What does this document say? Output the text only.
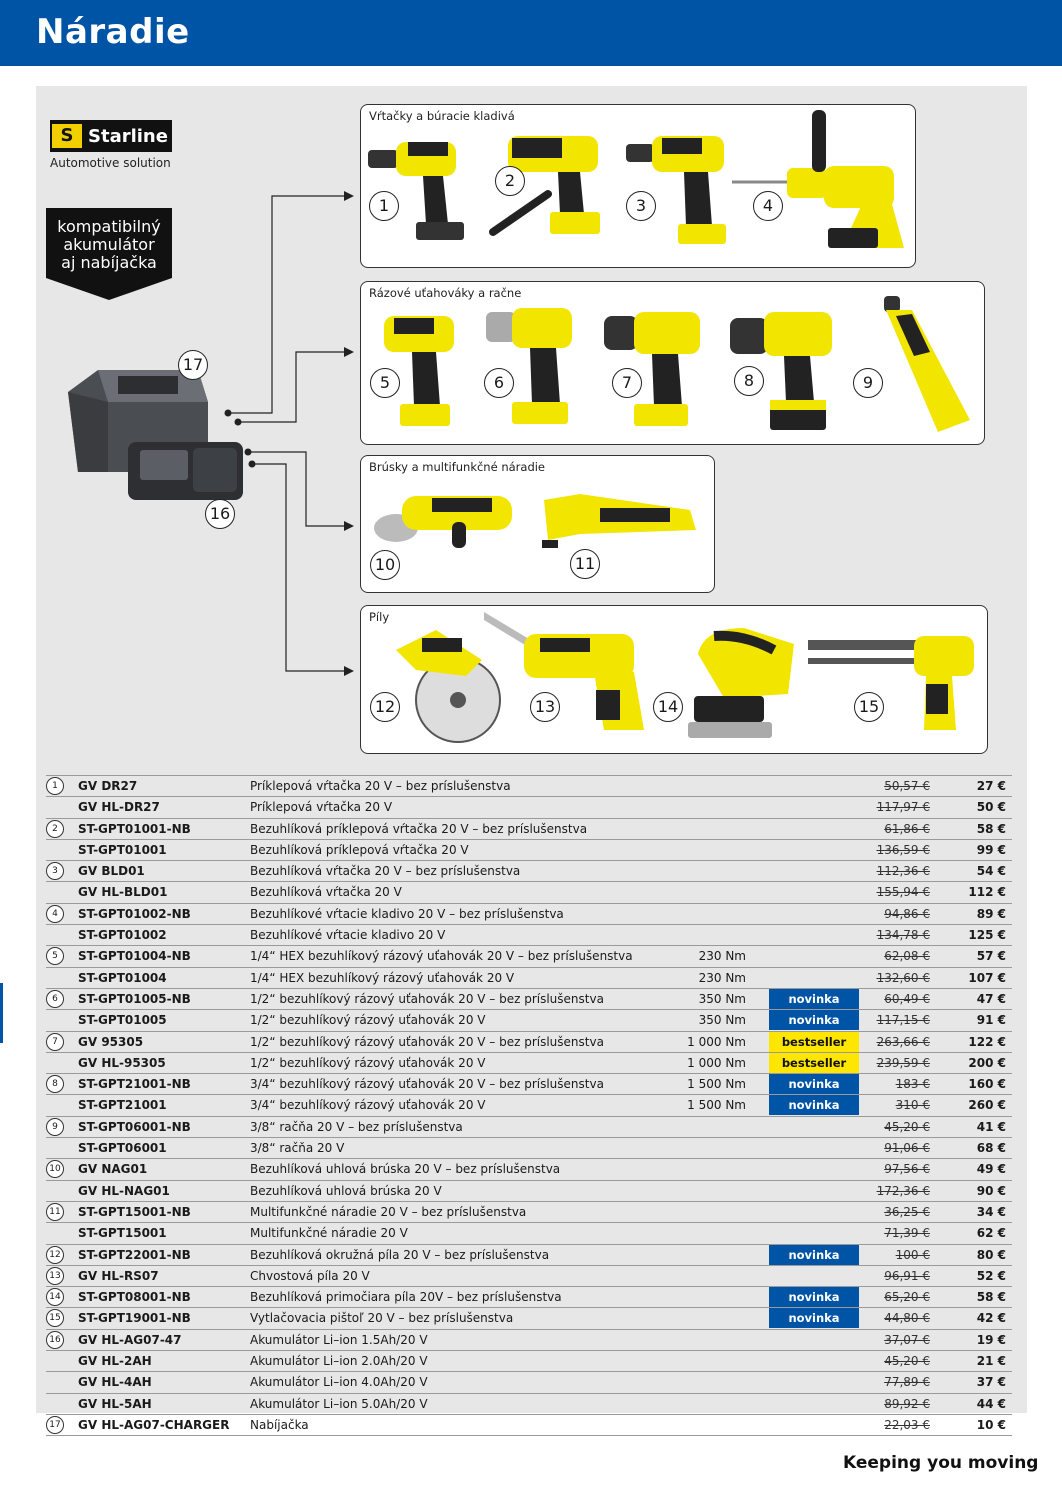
Náradie
S Starline
Automotive solution
kompatibilný
akumulátor
aj nabíjačka
17
16
Vŕtačky a búracie kladivá
1
2
3	4
Rázové uťahováky a račne
5	6	7	8	9
Brúsky a multifunkčné náradie
10	11
Píly
12	13	14	15
1	GV DR27	Príklepová vŕtačka 20 V – bez príslušenstva	50,57 €	27 €
GV HL-DR27	Príklepová vŕtačka 20 V	117,97 €	50 €
2	ST-GPT01001-NB	Bezuhlíková príklepová vŕtačka 20 V – bez príslušenstva	61,86 €	58 €
ST-GPT01001	Bezuhlíková príklepová vŕtačka 20 V	136,59 €	99 €
3	GV BLD01	Bezuhlíková vŕtačka 20 V – bez príslušenstva	112,36 €	54 €
GV HL-BLD01	Bezuhlíková vŕtačka 20 V	155,94 €	112 €
4	ST-GPT01002-NB	Bezuhlíkové vŕtacie kladivo 20 V – bez príslušenstva	94,86 €	89 €
ST-GPT01002	Bezuhlíkové vŕtacie kladivo 20 V	134,78 €	125 €
5	ST-GPT01004-NB	1/4“ HEX bezuhlíkový rázový uťahovák 20 V – bez príslušenstva	230 Nm	62,08 €	57 €
ST-GPT01004	1/4“ HEX bezuhlíkový rázový uťahovák 20 V	230 Nm	132,60 €	107 €
6	ST-GPT01005-NB	1/2“ bezuhlíkový rázový uťahovák 20 V – bez príslušenstva	350 Nm	novinka	60,49 €	47 €
ST-GPT01005	1/2“ bezuhlíkový rázový uťahovák 20 V	350 Nm	novinka	117,15 €	91 €
7	GV 95305	1/2“ bezuhlíkový rázový uťahovák 20 V – bez príslušenstva	1 000 Nm	bestseller	263,66 €	122 €
GV HL-95305	1/2“ bezuhlíkový rázový uťahovák 20 V	1 000 Nm	bestseller	239,59 €	200 €
8	ST-GPT21001-NB	3/4“ bezuhlíkový rázový uťahovák 20 V – bez príslušenstva	1 500 Nm	novinka	183 €	160 €
ST-GPT21001	3/4“ bezuhlíkový rázový uťahovák 20 V	1 500 Nm	novinka	310 €	260 €
9	ST-GPT06001-NB	3/8“ račňa 20 V – bez príslušenstva	45,20 €	41 €
ST-GPT06001	3/8“ račňa 20 V	91,06 €	68 €
10 GV NAG01	Bezuhlíková uhlová brúska 20 V – bez príslušenstva	97,56 €	49 €
GV HL-NAG01	Bezuhlíková uhlová brúska 20 V	172,36 €	90 €
11 ST-GPT15001-NB	Multifunkčné náradie 20 V – bez príslušenstva	36,25 €	34 €
ST-GPT15001	Multifunkčné náradie 20 V	71,39 €	62 €
12 ST-GPT22001-NB	Bezuhlíková okružná píla 20 V – bez príslušenstva	novinka	100 €	80 €
13 GV HL-RS07	Chvostová píla 20 V	96,91 €	52 €
14 ST-GPT08001-NB	Bezuhlíková primočiara píla 20V – bez príslušenstva	novinka	65,20 €	58 €
15 ST-GPT19001-NB	Vytlačovacia pištoľ 20 V – bez príslušenstva	novinka	44,80 €	42 €
16 GV HL-AG07-47	Akumulátor Li–ion 1.5Ah/20 V	37,07 €	19 €
GV HL-2AH	Akumulátor Li–ion 2.0Ah/20 V	45,20 €	21 €
GV HL-4AH	Akumulátor Li–ion 4.0Ah/20 V	77,89 €	37 €
GV HL-5AH	Akumulátor Li–ion 5.0Ah/20 V	89,92 €	44 €
17 GV HL-AG07-CHARGER Nabíjačka	22,03 €	10 €
Keeping you moving
